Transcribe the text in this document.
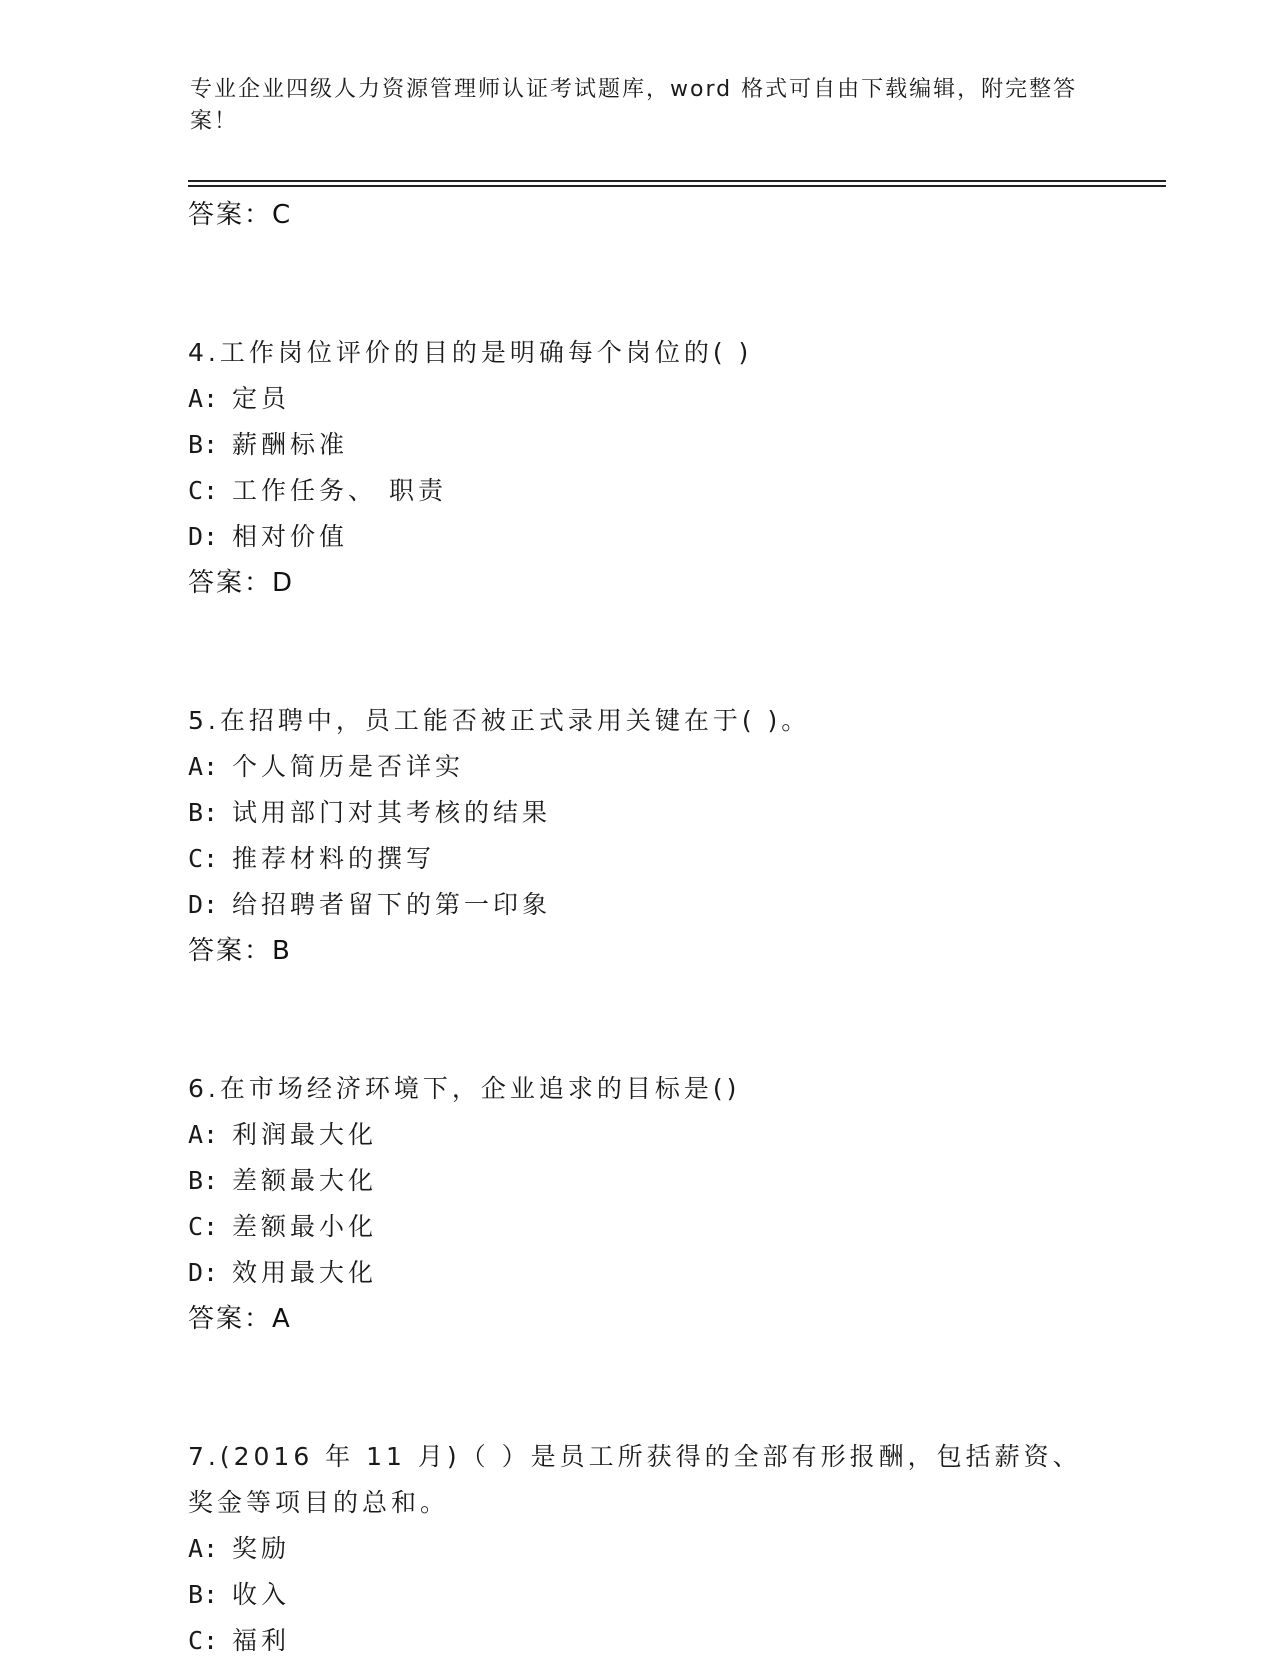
专业企业四级人力资源管理师认证考试题库，word 格式可自由下载编辑，附完整答案！
答案：C
4.工作岗位评价的目的是明确每个岗位的( )
A: 定员
B: 薪酬标准
C: 工作任务、 职责
D: 相对价值
答案：D
5.在招聘中，员工能否被正式录用关键在于( )。
A: 个人简历是否详实
B: 试用部门对其考核的结果
C: 推荐材料的撰写
D: 给招聘者留下的第一印象
答案：B
6.在市场经济环境下，企业追求的目标是()
A: 利润最大化
B: 差额最大化
C: 差额最小化
D: 效用最大化
答案：A
7.(2016 年 11 月)（ ）是员工所获得的全部有形报酬，包括薪资、奖金等项目的总和。
A: 奖励
B: 收入
C: 福利
